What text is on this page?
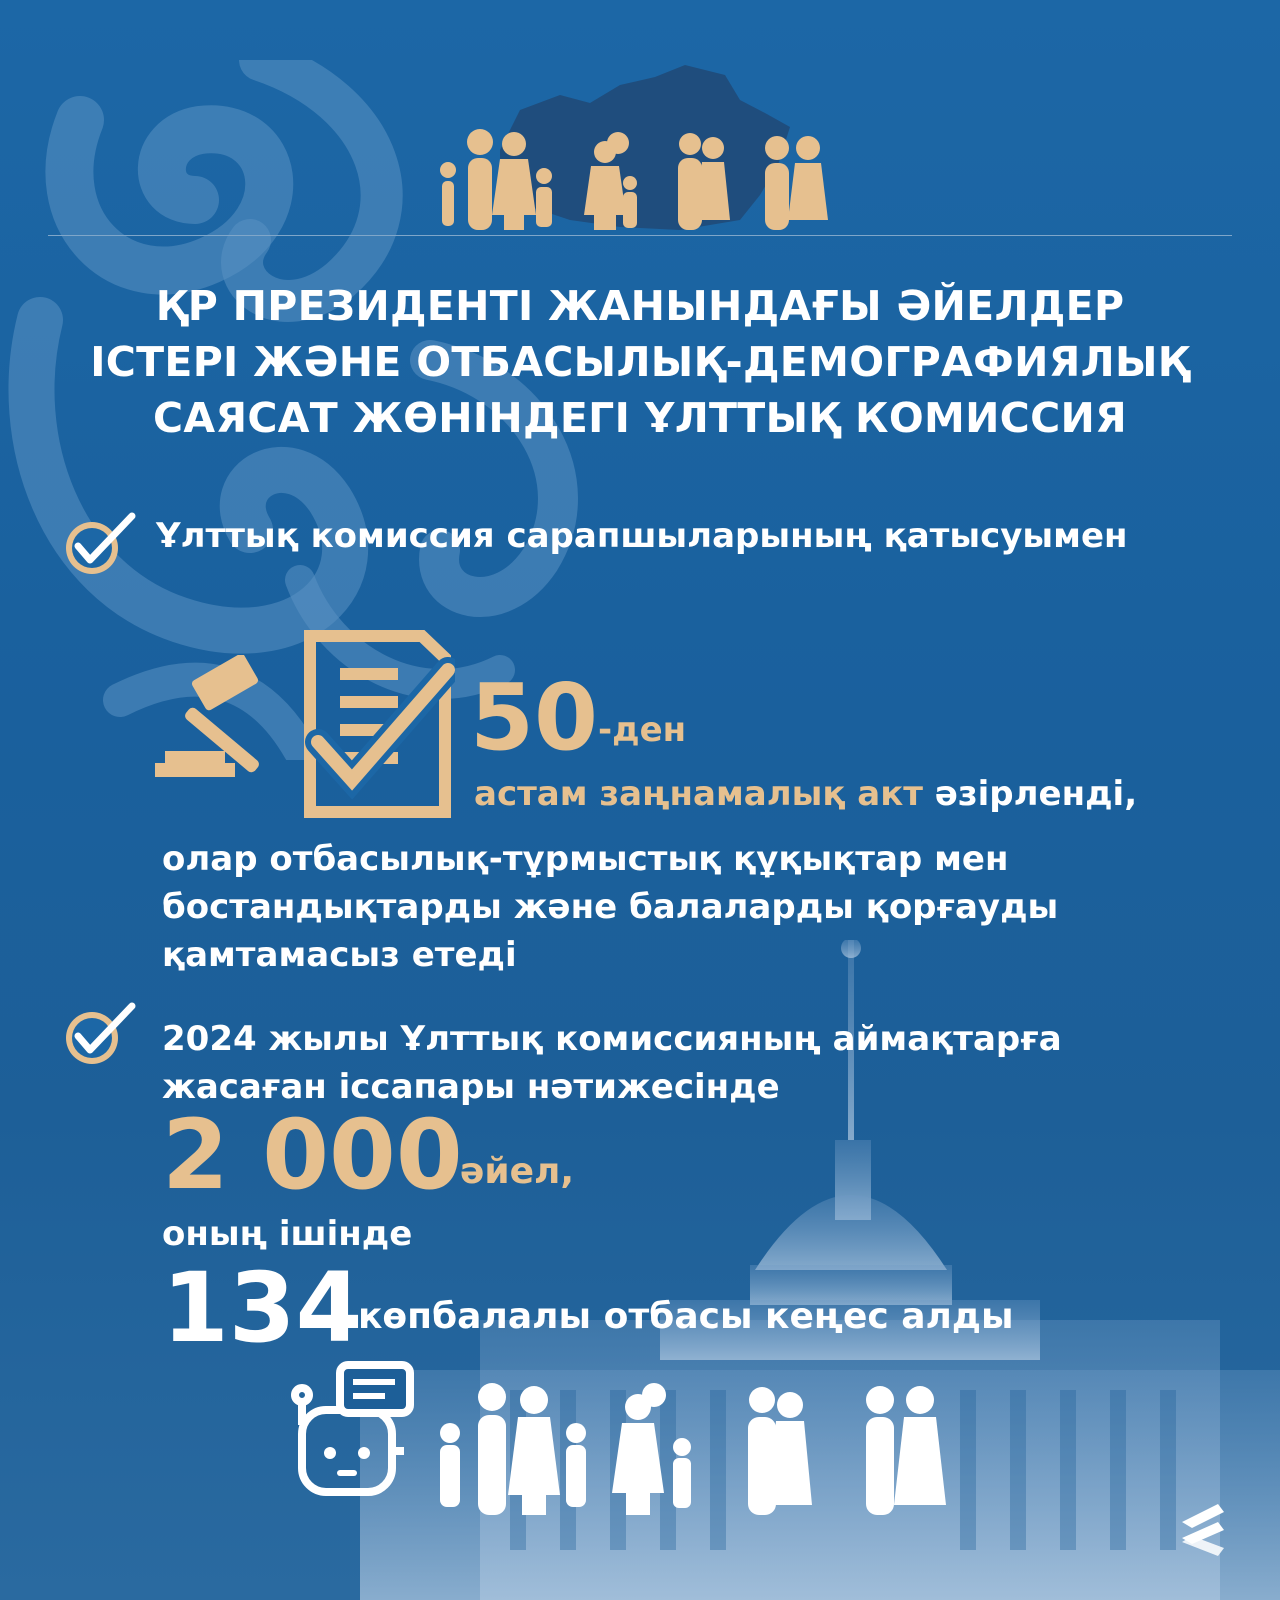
ҚР ПРЕЗИДЕНТІ ЖАНЫНДАҒЫ ӘЙЕЛДЕР
ІСТЕРІ ЖӘНЕ ОТБАСЫЛЫҚ-ДЕМОГРАФИЯЛЫҚ
САЯСАТ ЖӨНІНДЕГІ ҰЛТТЫҚ КОМИССИЯ
Ұлттық комиссия сарапшыларының қатысуымен
50 -ден
астам заңнамалық акт әзірленді,
олар отбасылық-тұрмыстық құқықтар мен
бостандықтарды және балаларды қорғауды
қамтамасыз етеді
2024 жылы Ұлттық комиссияның аймақтарға
жасаған іссапары нәтижесінде
2 000
әйел,
оның ішінде
134
көпбалалы отбасы кеңес алды
